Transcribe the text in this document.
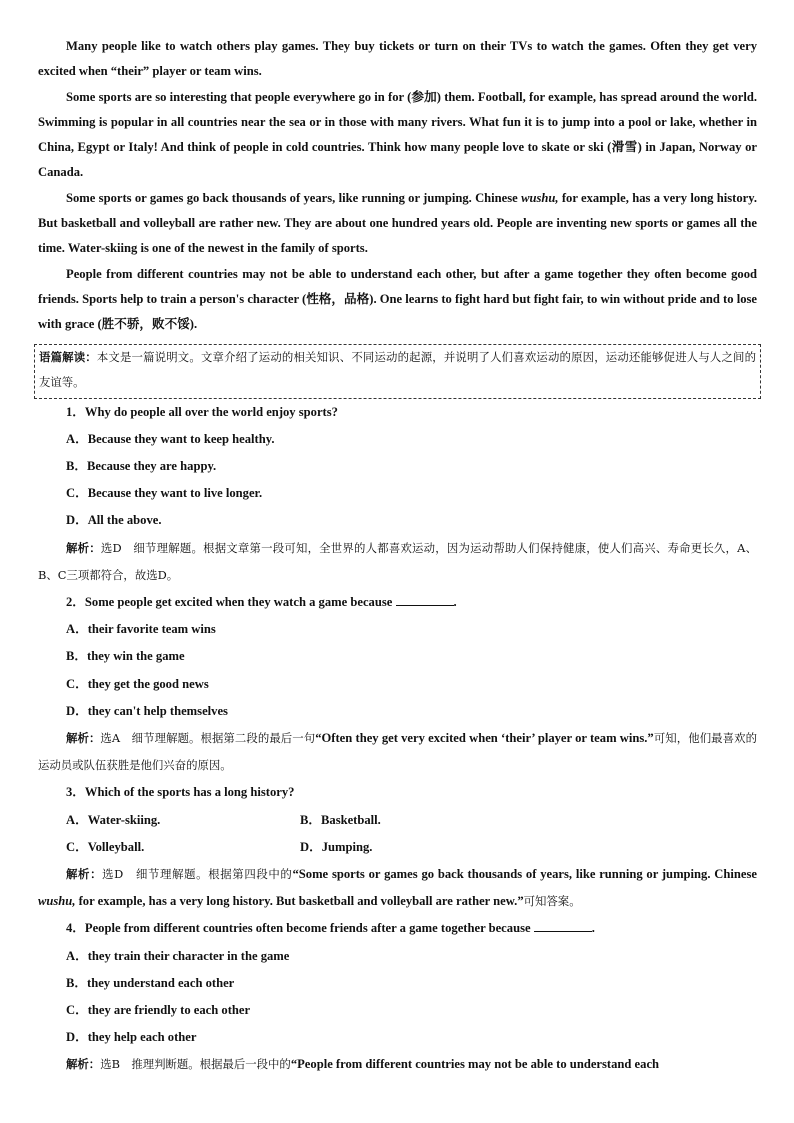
Many people like to watch others play games. They buy tickets or turn on their TVs to watch the games. Often they get very excited when “their” player or team wins.

Some sports are so interesting that people everywhere go in for (参加) them. Football, for example, has spread around the world. Swimming is popular in all countries near the sea or in those with many rivers. What fun it is to jump into a pool or lake, whether in China, Egypt or Italy! And think of people in cold countries. Think how many people love to skate or ski (滑雪) in Japan, Norway or Canada.

Some sports or games go back thousands of years, like running or jumping. Chinese wushu, for example, has a very long history. But basketball and volleyball are rather new. They are about one hundred years old. People are inventing new sports or games all the time. Water-skiing is one of the newest in the family of sports.

People from different countries may not be able to understand each other, but after a game together they often become good friends. Sports help to train a person's character (性格，品格). One learns to fight hard but fight fair, to win without pride and to lose with grace (胜不骄，败不馁).

语篇解读：本文是一篇说明文。文章介绍了运动的相关知识、不同运动的起源，并说明了人们喜欢运动的原因，运动还能够促进人与人之间的友谊等。

1．Why do people all over the world enjoy sports?

A．Because they want to keep healthy.

B．Because they are happy.

C．Because they want to live longer.

D．All the above.

解析：选D　细节理解题。根据文章第一段可知，全世界的人都喜欢运动，因为运动帮助人们保持健康，使人们高兴、寿命更长久，A、B、C三项都符合，故选D。

2．Some people get excited when they watch a game because	.

A．their favorite team wins

B．they win the game

C．they get the good news

D．they can't help themselves

解析：选A　细节理解题。根据第二段的最后一句“Often they get very excited when ‘their’ player or team wins.”可知，他们最喜欢的运动员或队伍获胜是他们兴奋的原因。

3．Which of the sports has a long history?

A．Water-skiing.	B．Basketball.
C．Volleyball.	D．Jumping.

解析：选D　细节理解题。根据第四段中的“Some sports or games go back thousands of years, like running or jumping. Chinese wushu, for example, has a very long history. But basketball and volleyball are rather new.”可知答案。

4．People from different countries often become friends after a game together because	.

A．they train their character in the game

B．they understand each other

C．they are friendly to each other

D．they help each other

解析：选B　推理判断题。根据最后一段中的“People from different countries may not be able to understand each
